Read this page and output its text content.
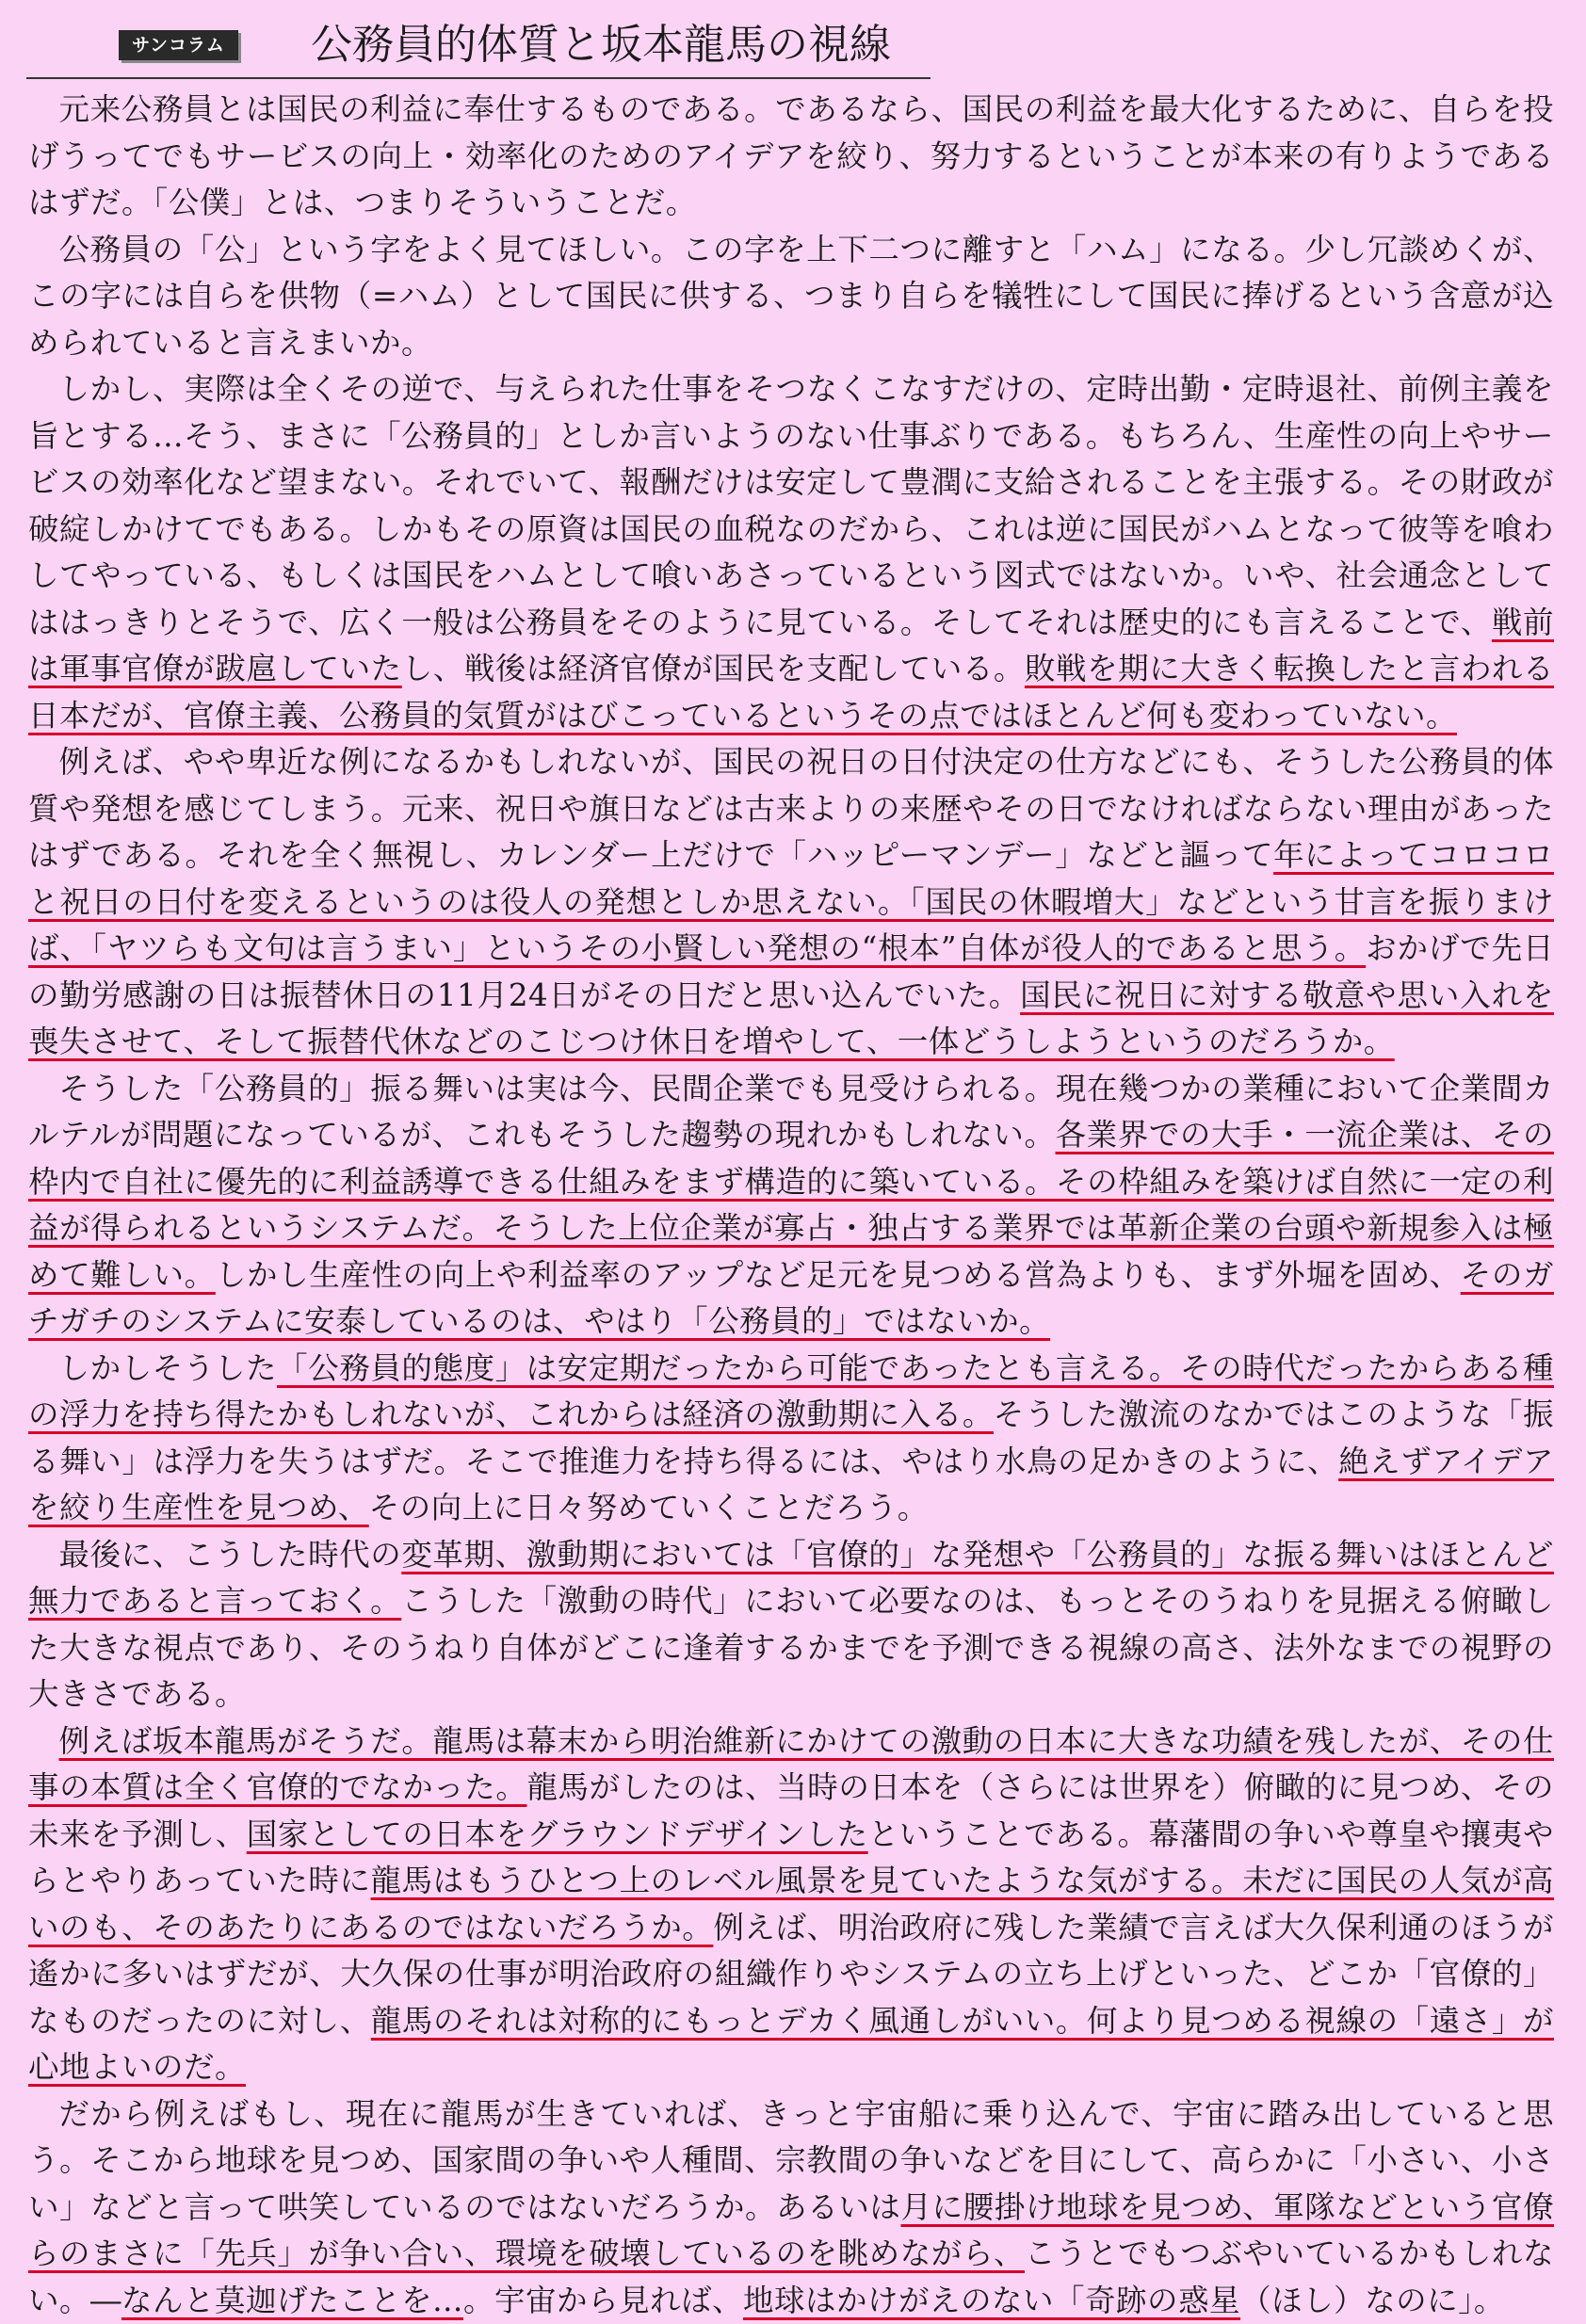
サンコラム	公務員的体質と坂本龍馬の視線

元来公務員とは国民の利益に奉仕するものである。であるなら、国民の利益を最大化するために、自らを投げうってでもサービスの向上・効率化のためのアイデアを絞り、努力するということが本来の有りようであるはずだ。「公僕」とは、つまりそういうことだ。

公務員の「公」という字をよく見てほしい。この字を上下二つに離すと「ハム」になる。少し冗談めくが、この字には自らを供物（=ハム）として国民に供する、つまり自らを犠牲にして国民に捧げるという含意が込められていると言えまいか。

しかし、実際は全くその逆で、与えられた仕事をそつなくこなすだけの、定時出勤・定時退社、前例主義を旨とする…そう、まさに「公務員的」としか言いようのない仕事ぶりである。もちろん、生産性の向上やサービスの効率化など望まない。それでいて、報酬だけは安定して豊潤に支給されることを主張する。その財政が破綻しかけてでもある。しかもその原資は国民の血税なのだから、これは逆に国民がハムとなって彼等を喰わしてやっている、もしくは国民をハムとして喰いあさっているという図式ではないか。いや、社会通念としてははっきりとそうで、広く一般は公務員をそのように見ている。そしてそれは歴史的にも言えることで、戦前は軍事官僚が跋扈していたし、戦後は経済官僚が国民を支配している。敗戦を期に大きく転換したと言われる日本だが、官僚主義、公務員的気質がはびこっているというその点ではほとんど何も変わっていない。

例えば、やや卑近な例になるかもしれないが、国民の祝日の日付決定の仕方などにも、そうした公務員的体質や発想を感じてしまう。元来、祝日や旗日などは古来よりの来歴やその日でなければならない理由があったはずである。それを全く無視し、カレンダー上だけで「ハッピーマンデー」などと謳って年によってコロコロと祝日の日付を変えるというのは役人の発想としか思えない。「国民の休暇増大」などという甘言を振りまけば、「ヤツらも文句は言うまい」というその小賢しい発想の“根本”自体が役人的であると思う。おかげで先日の勤労感謝の日は振替休日の11月24日がその日だと思い込んでいた。国民に祝日に対する敬意や思い入れを喪失させて、そして振替代休などのこじつけ休日を増やして、一体どうしようというのだろうか。

そうした「公務員的」振る舞いは実は今、民間企業でも見受けられる。現在幾つかの業種において企業間カルテルが問題になっているが、これもそうした趨勢の現れかもしれない。各業界での大手・一流企業は、その枠内で自社に優先的に利益誘導できる仕組みをまず構造的に築いている。その枠組みを築けば自然に一定の利益が得られるというシステムだ。そうした上位企業が寡占・独占する業界では革新企業の台頭や新規参入は極めて難しい。しかし生産性の向上や利益率のアップなど足元を見つめる営為よりも、まず外堀を固め、そのガチガチのシステムに安泰しているのは、やはり「公務員的」ではないか。

しかしそうした「公務員的態度」は安定期だったから可能であったとも言える。その時代だったからある種の浮力を持ち得たかもしれないが、これからは経済の激動期に入る。そうした激流のなかではこのような「振る舞い」は浮力を失うはずだ。そこで推進力を持ち得るには、やはり水鳥の足かきのように、絶えずアイデアを絞り生産性を見つめ、その向上に日々努めていくことだろう。

最後に、こうした時代の変革期、激動期においては「官僚的」な発想や「公務員的」な振る舞いはほとんど無力であると言っておく。こうした「激動の時代」において必要なのは、もっとそのうねりを見据える俯瞰した大きな視点であり、そのうねり自体がどこに逢着するかまでを予測できる視線の高さ、法外なまでの視野の大きさである。

例えば坂本龍馬がそうだ。龍馬は幕末から明治維新にかけての激動の日本に大きな功績を残したが、その仕事の本質は全く官僚的でなかった。龍馬がしたのは、当時の日本を（さらには世界を）俯瞰的に見つめ、その未来を予測し、国家としての日本をグラウンドデザインしたということである。幕藩間の争いや尊皇や攘夷やらとやりあっていた時に龍馬はもうひとつ上のレベル風景を見ていたような気がする。未だに国民の人気が高いのも、そのあたりにあるのではないだろうか。例えば、明治政府に残した業績で言えば大久保利通のほうが遙かに多いはずだが、大久保の仕事が明治政府の組織作りやシステムの立ち上げといった、どこか「官僚的」なものだったのに対し、龍馬のそれは対称的にもっとデカく風通しがいい。何より見つめる視線の「遠さ」が心地よいのだ。

だから例えばもし、現在に龍馬が生きていれば、きっと宇宙船に乗り込んで、宇宙に踏み出していると思う。そこから地球を見つめ、国家間の争いや人種間、宗教間の争いなどを目にして、高らかに「小さい、小さい」などと言って哄笑しているのではないだろうか。あるいは月に腰掛け地球を見つめ、軍隊などという官僚らのまさに「先兵」が争い合い、環境を破壊しているのを眺めながら、こうとでもつぶやいているかもしれない。―なんと莫迦げたことを…。宇宙から見れば、地球はかけがえのない「奇跡の惑星（ほし）なのに」。
